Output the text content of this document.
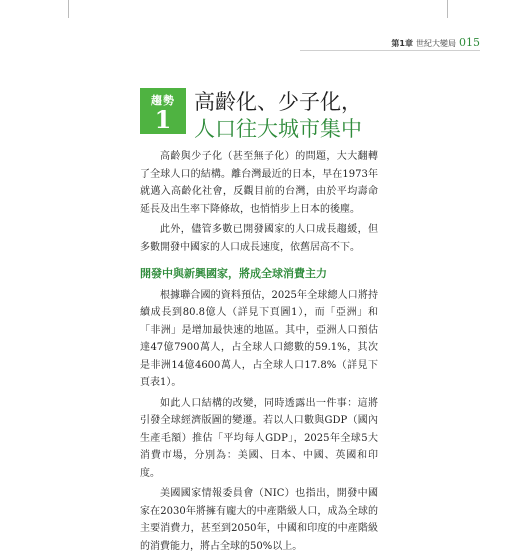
第1章 世紀大變局 015
趨勢
1
高齡化、少子化，
人口往大城市集中

高齡與少子化（甚至無子化）的問題，大大翻轉了全球人口的結構。離台灣最近的日本，早在1973年就邁入高齡化社會，反觀目前的台灣，由於平均壽命延長及出生率下降條故，也悄悄步上日本的後塵。

此外，儘管多數已開發國家的人口成長趨緩，但多數開發中國家的人口成長速度，依舊居高不下。

開發中與新興國家，將成全球消費主力

根據聯合國的資料預估，2025年全球總人口將持續成長到80.8億人（詳見下頁圖1），而「亞洲」和「非洲」是增加最快速的地區。其中，亞洲人口預估達47億7900萬人，占全球人口總數的59.1%，其次是非洲14億4600萬人，占全球人口17.8%（詳見下頁表1）。

如此人口結構的改變，同時透露出一件事：這將引發全球經濟版圖的變遷。若以人口數與GDP（國內生產毛額）推估「平均每人GDP」，2025年全球5大消費市場，分別為：美國、日本、中國、英國和印度。

美國國家情報委員會（NIC）也指出，開發中國家在2030年將擁有龐大的中產階級人口，成為全球的主要消費力，甚至到2050年，中國和印度的中產階級的消費能力，將占全球的50%以上。
